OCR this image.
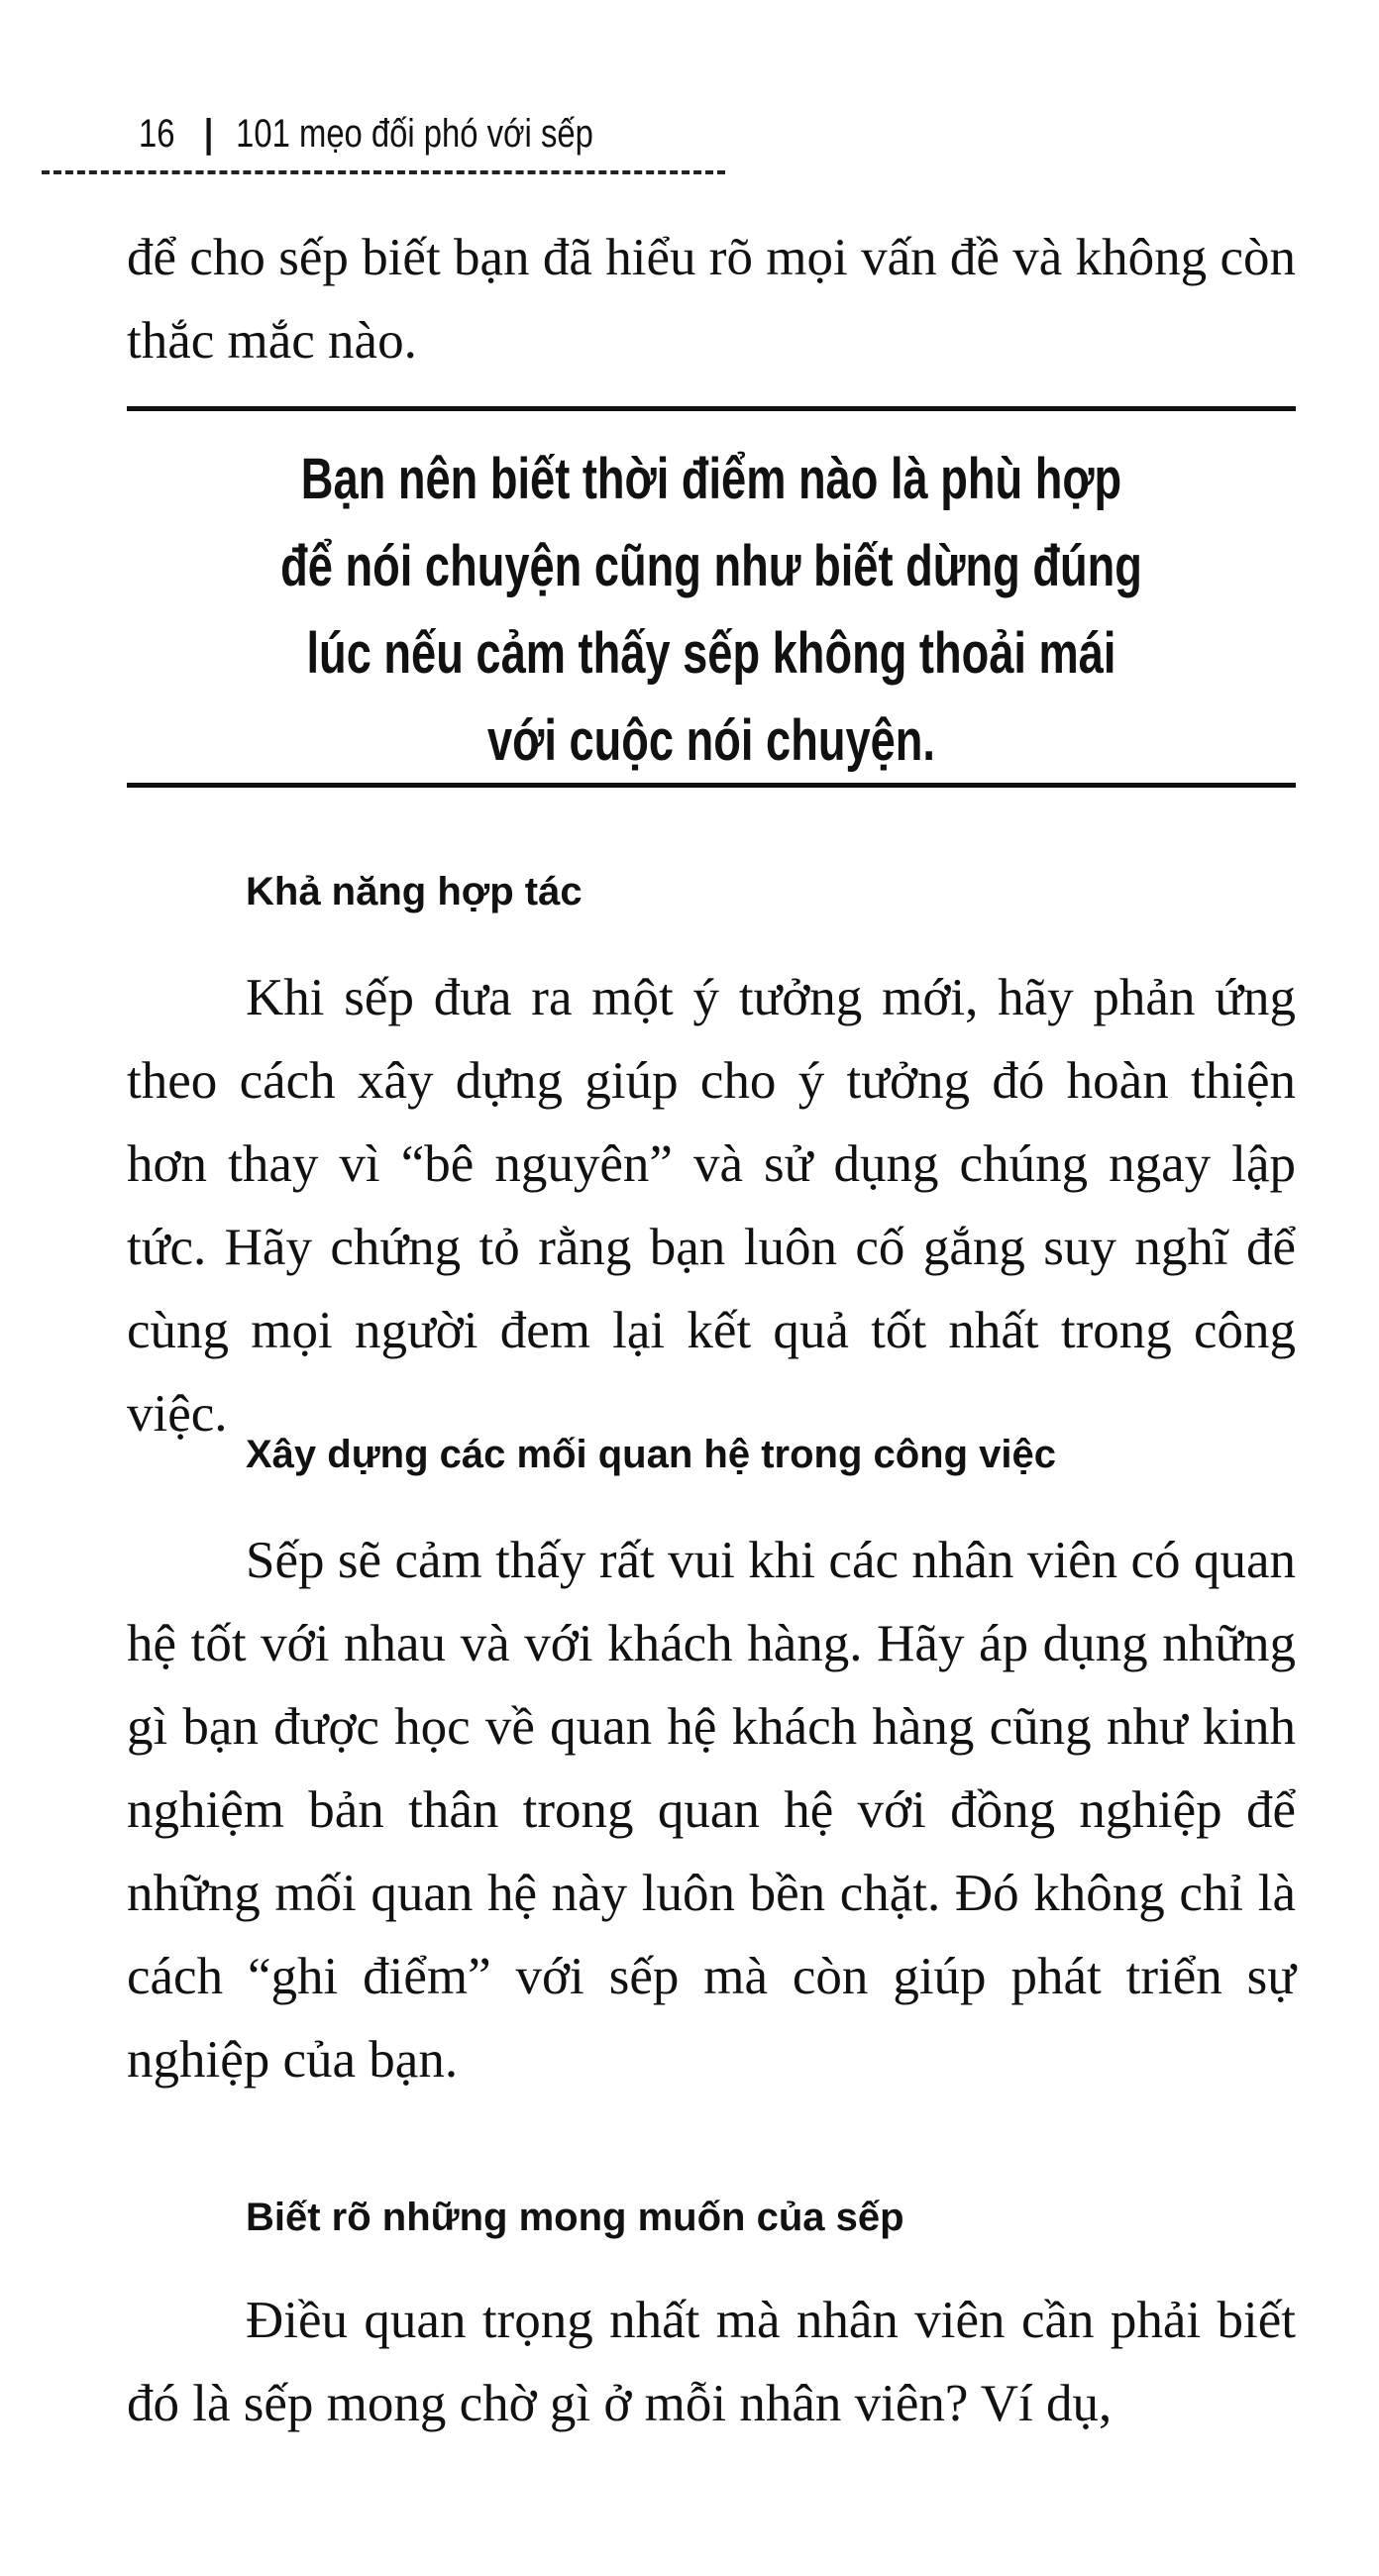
16 | 101 mẹo đối phó với sếp

để cho sếp biết bạn đã hiểu rõ mọi vấn đề và không còn thắc mắc nào.

Bạn nên biết thời điểm nào là phù hợp
để nói chuyện cũng như biết dừng đúng
lúc nếu cảm thấy sếp không thoải mái
với cuộc nói chuyện.
Khả năng hợp tác

Khi sếp đưa ra một ý tưởng mới, hãy phản ứng theo cách xây dựng giúp cho ý tưởng đó hoàn thiện hơn thay vì “bê nguyên” và sử dụng chúng ngay lập tức. Hãy chứng tỏ rằng bạn luôn cố gắng suy nghĩ để cùng mọi người đem lại kết quả tốt nhất trong công việc.

Xây dựng các mối quan hệ trong công việc

Sếp sẽ cảm thấy rất vui khi các nhân viên có quan hệ tốt với nhau và với khách hàng. Hãy áp dụng những gì bạn được học về quan hệ khách hàng cũng như kinh nghiệm bản thân trong quan hệ với đồng nghiệp để những mối quan hệ này luôn bền chặt. Đó không chỉ là cách “ghi điểm” với sếp mà còn giúp phát triển sự nghiệp của bạn.

Biết rõ những mong muốn của sếp

Điều quan trọng nhất mà nhân viên cần phải biết đó là sếp mong chờ gì ở mỗi nhân viên? Ví dụ,
